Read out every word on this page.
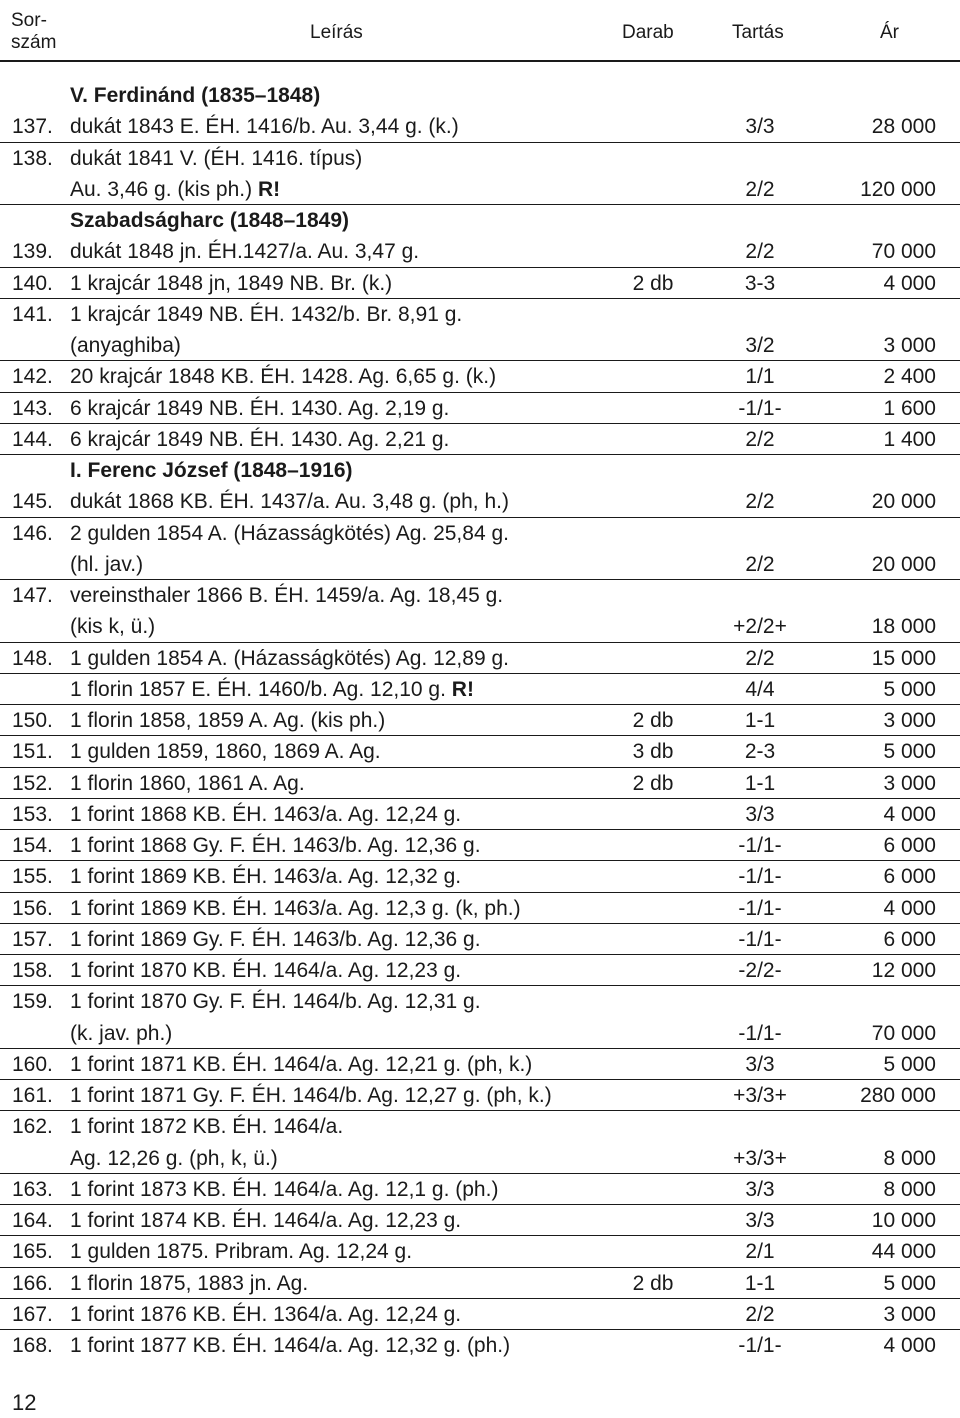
Sor-
szám	Leírás	Darab	Tartás	Ár
V. Ferdinánd (1835–1848)
137. dukát 1843 E. ÉH. 1416/b. Au. 3,44 g. (k.)	3/3	28 000
138. dukát 1841 V. (ÉH. 1416. típus)
Au. 3,46 g. (kis ph.) R!	2/2	120 000
Szabadságharc (1848–1849)
139. dukát 1848 jn. ÉH.1427/a. Au. 3,47 g.	2/2	70 000
140. 1 krajcár 1848 jn, 1849 NB. Br. (k.)	2 db	3-3	4 000
141. 1 krajcár 1849 NB. ÉH. 1432/b. Br. 8,91 g.
(anyaghiba)	3/2	3 000
142. 20 krajcár 1848 KB. ÉH. 1428. Ag. 6,65 g. (k.)	1/1	2 400
143. 6 krajcár 1849 NB. ÉH. 1430. Ag. 2,19 g.	-1/1-	1 600
144. 6 krajcár 1849 NB. ÉH. 1430. Ag. 2,21 g.	2/2	1 400
I. Ferenc József (1848–1916)
145. dukát 1868 KB. ÉH. 1437/a. Au. 3,48 g. (ph, h.)	2/2	20 000
146. 2 gulden 1854 A. (Házasságkötés) Ag. 25,84 g.
(hl. jav.)	2/2	20 000
147. vereinsthaler 1866 B. ÉH. 1459/a. Ag. 18,45 g.
(kis k, ü.)	+2/2+	18 000
148. 1 gulden 1854 A. (Házasságkötés) Ag. 12,89 g.	2/2	15 000
1 florin 1857 E. ÉH. 1460/b. Ag. 12,10 g. R!	4/4	5 000
150. 1 florin 1858, 1859 A. Ag. (kis ph.)	2 db	1-1	3 000
151. 1 gulden 1859, 1860, 1869 A. Ag.	3 db	2-3	5 000
152. 1 florin 1860, 1861 A. Ag.	2 db	1-1	3 000
153. 1 forint 1868 KB. ÉH. 1463/a. Ag. 12,24 g.	3/3	4 000
154. 1 forint 1868 Gy. F. ÉH. 1463/b. Ag. 12,36 g.	-1/1-	6 000
155. 1 forint 1869 KB. ÉH. 1463/a. Ag. 12,32 g.	-1/1-	6 000
156. 1 forint 1869 KB. ÉH. 1463/a. Ag. 12,3 g. (k, ph.)	-1/1-	4 000
157. 1 forint 1869 Gy. F. ÉH. 1463/b. Ag. 12,36 g.	-1/1-	6 000
158. 1 forint 1870 KB. ÉH. 1464/a. Ag. 12,23 g.	-2/2-	12 000
159. 1 forint 1870 Gy. F. ÉH. 1464/b. Ag. 12,31 g.
(k. jav. ph.)	-1/1-	70 000
160. 1 forint 1871 KB. ÉH. 1464/a. Ag. 12,21 g. (ph, k.)	3/3	5 000
161. 1 forint 1871 Gy. F. ÉH. 1464/b. Ag. 12,27 g. (ph, k.)	+3/3+	280 000
162. 1 forint 1872 KB. ÉH. 1464/a.
Ag. 12,26 g. (ph, k, ü.)	+3/3+	8 000
163. 1 forint 1873 KB. ÉH. 1464/a. Ag. 12,1 g. (ph.)	3/3	8 000
164. 1 forint 1874 KB. ÉH. 1464/a. Ag. 12,23 g.	3/3	10 000
165. 1 gulden 1875. Pribram. Ag. 12,24 g.	2/1	44 000
166. 1 florin 1875, 1883 jn. Ag.	2 db	1-1	5 000
167. 1 forint 1876 KB. ÉH. 1364/a. Ag. 12,24 g.	2/2	3 000
168. 1 forint 1877 KB. ÉH. 1464/a. Ag. 12,32 g. (ph.)	-1/1-	4 000
12
